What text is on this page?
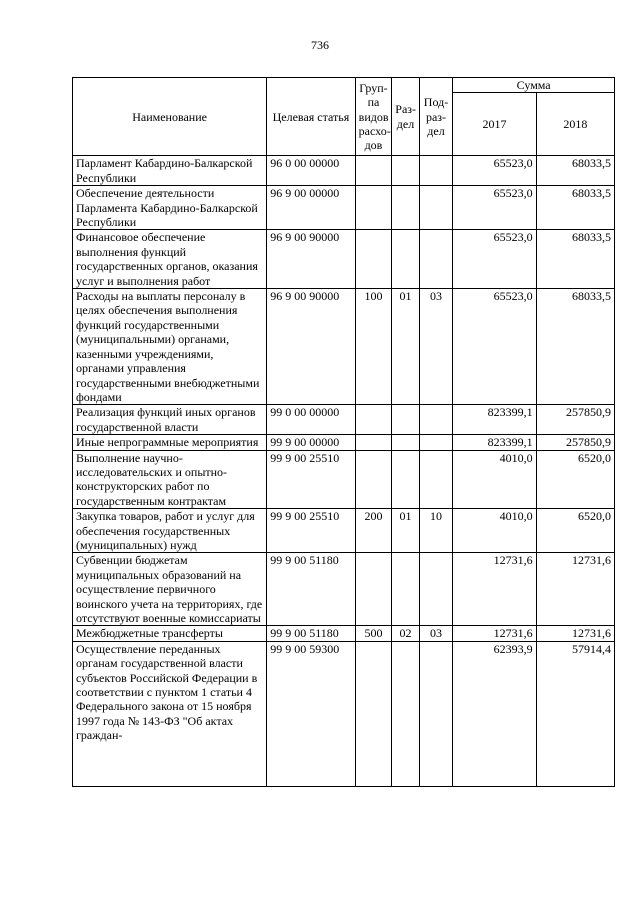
736
Наименование	Целевая статья	Груп-па видов расхо-дов	Раз-дел	Под-раз-дел	Сумма	
					2017	2018
Парламент Кабардино-Балкарской Республики	96 0 00 00000				65523,0	68033,5
Обеспечение деятельности Парламента Кабардино-Балкарской Республики	96 9 00 00000				65523,0	68033,5
Финансовое обеспечение выполнения функций государственных органов, оказания услуг и выполнения работ	96 9 00 90000				65523,0	68033,5
Расходы на выплаты персоналу в целях обеспечения выполнения функций государственными (муниципальными) органами, казенными учреждениями, органами управления государственными внебюджетными фондами	96 9 00 90000	100	01	03	65523,0	68033,5
Реализация функций иных органов государственной власти	99 0 00 00000				823399,1	257850,9
Иные непрограммные мероприятия	99 9 00 00000				823399,1	257850,9
Выполнение научно-исследовательских и опытно-конструкторских работ по государственным контрактам	99 9 00 25510				4010,0	6520,0
Закупка товаров, работ и услуг для обеспечения государственных (муниципальных) нужд	99 9 00 25510	200	01	10	4010,0	6520,0
Субвенции бюджетам муниципальных образований на осуществление первичного воинского учета на территориях, где отсутствуют военные комиссариаты	99 9 00 51180				12731,6	12731,6
Межбюджетные трансферты	99 9 00 51180	500	02	03	12731,6	12731,6
Осуществление переданных органам государственной власти субъектов Российской Федерации в соответствии с пунктом 1 статьи 4 Федерального закона от 15 ноября 1997 года № 143-ФЗ "Об актах граждан-	99 9 00 59300				62393,9	57914,4
